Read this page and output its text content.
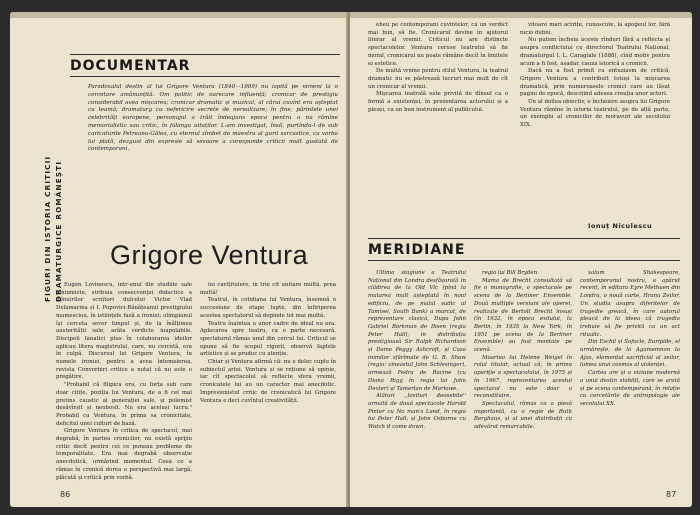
DOCUMENTAR
FIGURI DIN ISTORIA CRITICII DRAMATURGICE ROMÂNEȘTI
Paradoxalul destin al lui Grigore Ventura (1840—1909) nu ispită pe nimeni la o cercetare amănunțită. Om politic de oarecare influență; cronicar de prestigiu considerabil avea mișcarea; cronicar dramatic și muzical, al cărui cuvînt era așteptat cu teamă; dramaturg cu nefericire secrete de nerealizare; în fine, părintele unei celebrități europene, personajul a trăit îndeajuns epoca pentru a nu rămîne memorialistic sau critic, în falanga uitaților. L-am investigat, însă, purtîndu-l de sub caricaturile Petreanu-Gălea, cu eternul zîmbet de maestru al gurii sarcastice, cu vorba lui plată, dezgust din expresie să sevoare a corespunde criticii mult gustată de contemporani.
Grigore Ventura

Eugen Lovinescu, într-unul din studiile sale juninmiste, stribuia consecvenței didactice a mînuirilor scriitori dulcetei Victor Vlad Delamarina și I. Popovici-Bănățeanul prestigiului mamesciou, în istiințele fază a ironiei; olimpianul își cerceta sever timpul și, de la înălțimea austerității sale, arăta verdicte inapelabile. Discipoli fanatici plus în colaborarea ideilor aplicau litera magistrului, care, nu cercetă, era în culpă. Discursul lui Grigore Ventura, în numele ironiei, pentru a avea întemeierea, revista Convorbiri critice a notat că nu este o pregătire.

"Probabil că filipica era, cu forța sub care doar citițe, poziția lui Ventura, de a fi cel mai pretins caustic al generației sale, și polemist desăvîrșit și neobosit. Nu era același lucru." Probabil cu Ventura, în prima sa cronicitate, deficitul unei culturi de bază.

Grigore Ventura în critica de spectacol, mai degrabă, în partea cronicilor, nu există sprijin critic decît pentru cei ce puneau probleme de temporalitate. Era mai degrabă observație anecdotică, urmărind momentul. Ceea ce a rămas în cronică dorea o perspectivă mai largă, plăcută și critică prin vorbă.

ini cavițitulere, în trie cît unitare multă, prea multă!

Teatrul, în cotidiana lui Ventura, însemnă o succesiune de etape lupte, din înfiriperea acestea spectatorul să depinde tot mai multă.

Teatru înaintea a unor cadre de ideal nu era. Aplecarea spre teatru, ca o parte necesară, spectatorul rămas unul din cercul lui. Criticul se opune să fie scopul rigorii, observă faptele artistice și se produc cu atenție.

Chiar și Ventura afirmă că: nu e deloc cuplu în subiectul artei. Ventura și se rețiune să opinie, iar cît spectacolul să reflecte sfera vremii, cronicatele lui au un caracter mai anecdotic. Impresionistul critic de cronicatică lui Grigore Ventura e deci cuvîntul creativității.

86

eheu pe contemporani cuvintelor, ca un verdict mai bun, să fie. Cronicarul devine în ajutorul literar al vremii. Criticul nu are distincte spectacolelor. Ventura ceruse teatrului să fie moral, cronicarul nu poate rămâne decît în limitele ei estetice.

De multă vreme pentru stilul Ventura, la teatrul dramatic nu se păstrează lucruri mai mult de cît un cronicar al vremii.

Mișcarea teatrală este privită de dînsul ca o formă a existenței, în prezentarea actorului și a piesei, ca un bun instrument al publicului.

vitoare mari actrițe, cunoscute, la apogeul lor, fără nicio dubiu.

Nu putem încheia aceste rînduri fără a reflecta și asupra conflictului cu directorul Teatrului Național, dramaturgul I. L. Caragiale (1888), cînd motiv pentru acum a fi fost, așadar, cauza istorică a cronicii.

Dacă nu a fost primit cu entuziasm de critică, Grigore Ventura a contribuit totuși la mișcarea dramatică, prin numeroasele cronici care au lăsat pagini de epocă, descriind adesea creația unor actori.

Un al doilea obiectiv, o încheiere asupra lui Grigore Ventura rămîne în istoria teatrului, pe de altă parte, un exemplu al cronicilor de moravuri ale secolului XIX.

Ionuț Niculescu
MERIDIANE

Ultima stagiune a Teatrului Național din Londra desfășurată în clădirea de la Old Vic (pînă la mutarea mult așteptată în noul edificiu, de pe malul sudic al Tamisei, South Bank) a marcat, de reprezentare clasică, Dupa John Gabriel Borkman de Ibsen (regia Peter Hall), în distribuția prestigioasă Sir Ralph Richardson și Dame Peggy Ashcroft, și Casa inimilor sfărîmate de G. B. Shaw (regia: cineastul John Schlesinger), urmează Fedra de Racine (cu Diana Rigg în regia lui John Dexter) și Tamerlan de Marlowe.

Alături ,,lovituri deosebite'' urmată de două spectacole Harold Pinter cu No man's Land, în regia lui Peter Hall, și John Osborne cu Watch it come down.

regia lui Bill Bryden.

Mama de Brecht consultată să fie o monografie, o spectacole pe scena de la Berliner Ensemble. Două multiple versiuni ale operei, realizate de Bertolt Brecht însuși (în 1932, în epoca exilului, la Berlin, în 1935 la New York, în 1951 pe scena de la Berliner Ensemble) au fost montate pe scenă.

Moartea lui Helene Weigel în rolul titular, actual că, în prima apariție a spectacolului, în 1975 și în 1967, reprezentarea acestui spectacol nu este doar o reconstituire.

Spectacolul, rămas ca o piesă importantă, cu o regie de Ruth Berghaus, și al unei distribuții cu adevărat remarcabile.

valum Shakespeare, contemporanul nostru, a apărut recent, în editura Eyre Methuen din Londra, o nouă carte, Hrana Zeilor, Un studiu asupra diferitelor de tragedie greacă, în care autorul pleacă de la ideea că tragedia trebuie să fie privită ca un act ritualic.

Din Eschil și Sofocle, Euripide, el urmărește, de la Agamemnon la Ajax, elementul sacrificial al zeilor, lumea unui cosmos al violenței.

Cartea are și o viziune modernă a unui destin stabilit, care se arată și pe scena contemporană, în relație cu cercetările de antropologie ale secolului XX.

87
